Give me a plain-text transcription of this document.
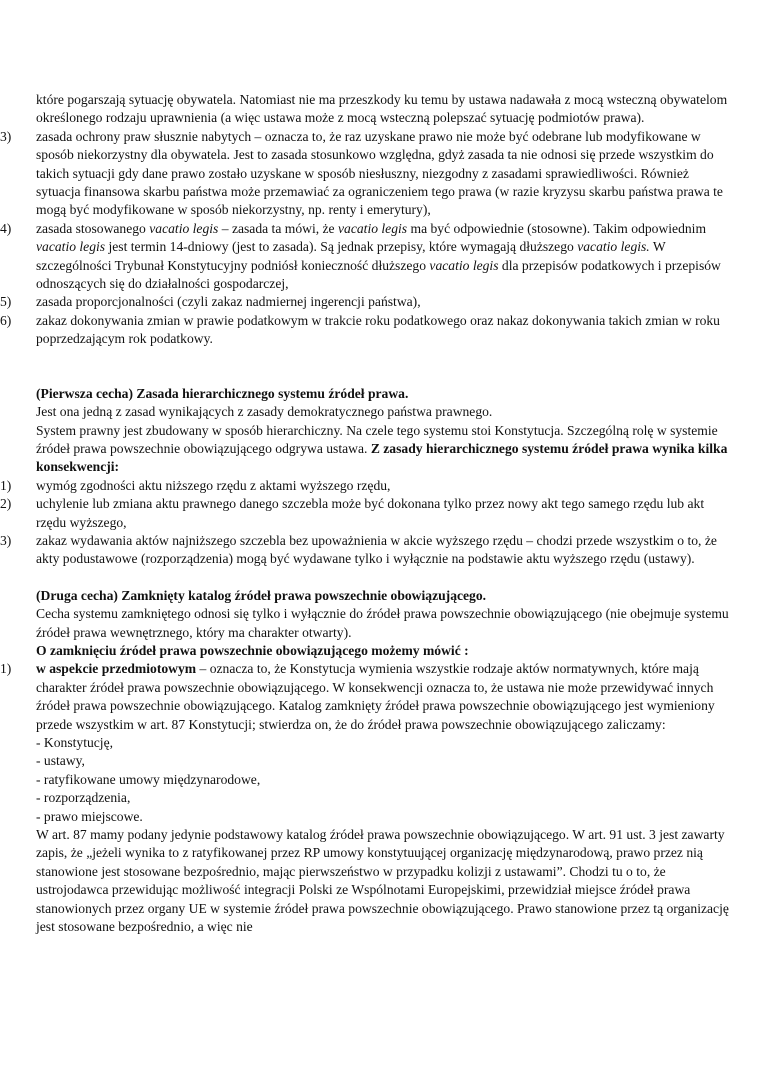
które pogarszają sytuację obywatela. Natomiast nie ma przeszkody ku temu by ustawa nadawała z mocą wsteczną obywatelom określonego rodzaju uprawnienia (a więc ustawa może z mocą wsteczną polepszać sytuację podmiotów prawa).

3)	zasada ochrony praw słusznie nabytych – oznacza to, że raz uzyskane prawo nie może być odebrane lub modyfikowane w sposób niekorzystny dla obywatela. Jest to zasada stosunkowo względna, gdyż zasada ta nie odnosi się przede wszystkim do takich sytuacji gdy dane prawo zostało uzyskane w sposób niesłuszny, niezgodny z zasadami sprawiedliwości. Również sytuacja finansowa skarbu państwa może przemawiać za ograniczeniem tego prawa (w razie kryzysu skarbu państwa prawa te mogą być modyfikowane w sposób niekorzystny, np. renty i emerytury),
4)	zasada stosowanego vacatio legis – zasada ta mówi, że vacatio legis ma być odpowiednie (stosowne). Takim odpowiednim vacatio legis jest termin 14-dniowy (jest to zasada). Są jednak przepisy, które wymagają dłuższego vacatio legis. W szczególności Trybunał Konstytucyjny podniósł konieczność dłuższego vacatio legis dla przepisów podatkowych i przepisów odnoszących się do działalności gospodarczej,
5)	zasada proporcjonalności (czyli zakaz nadmiernej ingerencji państwa),
6)	zakaz dokonywania zmian w prawie podatkowym w trakcie roku podatkowego oraz nakaz dokonywania takich zmian w roku poprzedzającym rok podatkowy.

(Pierwsza cecha) Zasada hierarchicznego systemu źródeł prawa.

Jest ona jedną z zasad wynikających z zasady demokratycznego państwa prawnego.

System prawny jest zbudowany w sposób hierarchiczny. Na czele tego systemu stoi Konstytucja. Szczególną rolę w systemie źródeł prawa powszechnie obowiązującego odgrywa ustawa. Z zasady hierarchicznego systemu źródeł prawa wynika kilka konsekwencji:

1)	wymóg zgodności aktu niższego rzędu z aktami wyższego rzędu,
2)	uchylenie lub zmiana aktu prawnego danego szczebla może być dokonana tylko przez nowy akt tego samego rzędu lub akt rzędu wyższego,
3)	zakaz wydawania aktów najniższego szczebla bez upoważnienia w akcie wyższego rzędu – chodzi przede wszystkim o to, że akty podustawowe (rozporządzenia) mogą być wydawane tylko i wyłącznie na podstawie aktu wyższego rzędu (ustawy).

(Druga cecha) Zamknięty katalog źródeł prawa powszechnie obowiązującego.

Cecha systemu zamkniętego odnosi się tylko i wyłącznie do źródeł prawa powszechnie obowiązującego (nie obejmuje systemu źródeł prawa wewnętrznego, który ma charakter otwarty).

O zamknięciu źródeł prawa powszechnie obowiązującego możemy mówić :

1)	w aspekcie przedmiotowym – oznacza to, że Konstytucja wymienia wszystkie rodzaje aktów normatywnych, które mają charakter źródeł prawa powszechnie obowiązującego. W konsekwencji oznacza to, że ustawa nie może przewidywać innych źródeł prawa powszechnie obowiązującego. Katalog zamknięty źródeł prawa powszechnie obowiązującego jest wymieniony przede wszystkim w art. 87 Konstytucji; stwierdza on, że do źródeł prawa powszechnie obowiązującego zaliczamy:

- Konstytucję,

- ustawy,

- ratyfikowane umowy międzynarodowe,

- rozporządzenia,

- prawo miejscowe.

W art. 87 mamy podany jedynie podstawowy katalog źródeł prawa powszechnie obowiązującego. W art. 91 ust. 3 jest zawarty zapis, że „jeżeli wynika to z ratyfikowanej przez RP umowy konstytuującej organizację międzynarodową, prawo przez nią stanowione jest stosowane bezpośrednio, mając pierwszeństwo w przypadku kolizji z ustawami”. Chodzi tu o to, że ustrojodawca przewidując możliwość integracji Polski ze Wspólnotami Europejskimi, przewidział miejsce źródeł prawa stanowionych przez organy UE w systemie źródeł prawa powszechnie obowiązującego. Prawo stanowione przez tą organizację jest stosowane bezpośrednio, a więc nie
